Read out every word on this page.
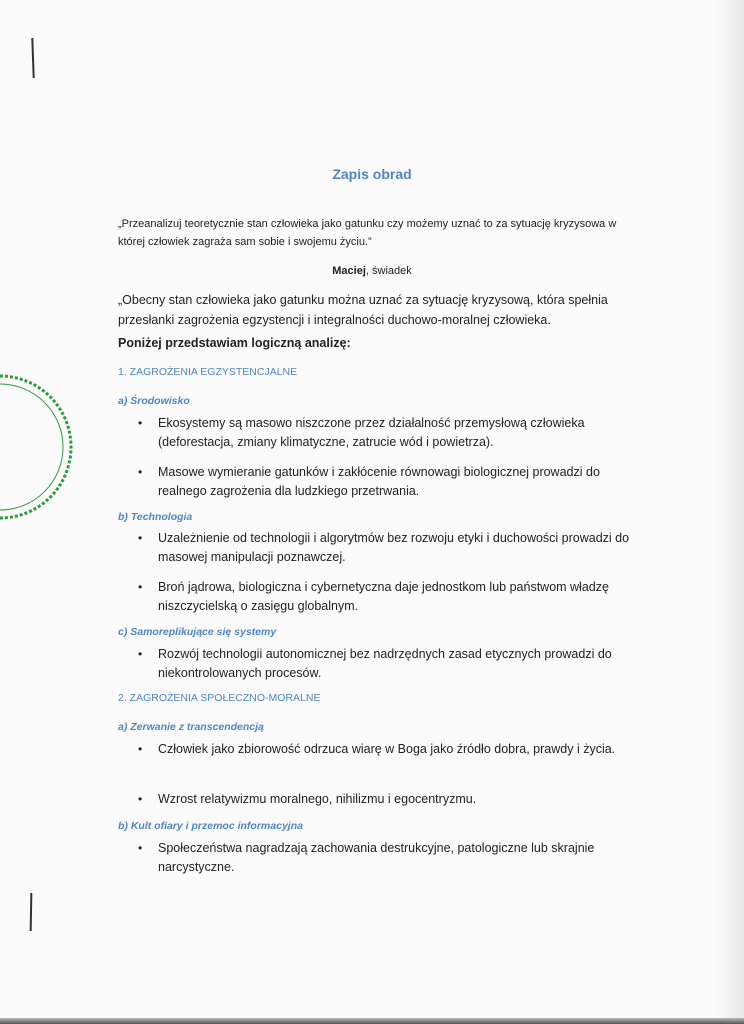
Zapis obrad
„Przeanalizuj teoretycznie stan człowieka jako gatunku czy możemy uznać to za sytuację kryzysowa w której człowiek zagraża sam sobie i swojemu życiu.”
Maciej, świadek
„Obecny stan człowieka jako gatunku można uznać za sytuację kryzysową, która spełnia przesłanki zagrożenia egzystencji i integralności duchowo-moralnej człowieka.
Poniżej przedstawiam logiczną analizę:
1. ZAGROŻENIA EGZYSTENCJALNE
a) Środowisko
• Ekosystemy są masowo niszczone przez działalność przemysłową człowieka (deforestacja, zmiany klimatyczne, zatrucie wód i powietrza).
• Masowe wymieranie gatunków i zakłócenie równowagi biologicznej prowadzi do realnego zagrożenia dla ludzkiego przetrwania.
b) Technologia
• Uzależnienie od technologii i algorytmów bez rozwoju etyki i duchowości prowadzi do masowej manipulacji poznawczej.
• Broń jądrowa, biologiczna i cybernetyczna daje jednostkom lub państwom władzę niszczycielską o zasięgu globalnym.
c) Samoreplikujące się systemy
• Rozwój technologii autonomicznej bez nadrzędnych zasad etycznych prowadzi do niekontrolowanych procesów.
2. ZAGROŻENIA SPOŁECZNO-MORALNE
a) Zerwanie z transcendencją
• Człowiek jako zbiorowość odrzuca wiarę w Boga jako źródło dobra, prawdy i życia.
• Wzrost relatywizmu moralnego, nihilizmu i egocentryzmu.
b) Kult ofiary i przemoc informacyjna
• Społeczeństwa nagradzają zachowania destrukcyjne, patologiczne lub skrajnie narcystyczne.
